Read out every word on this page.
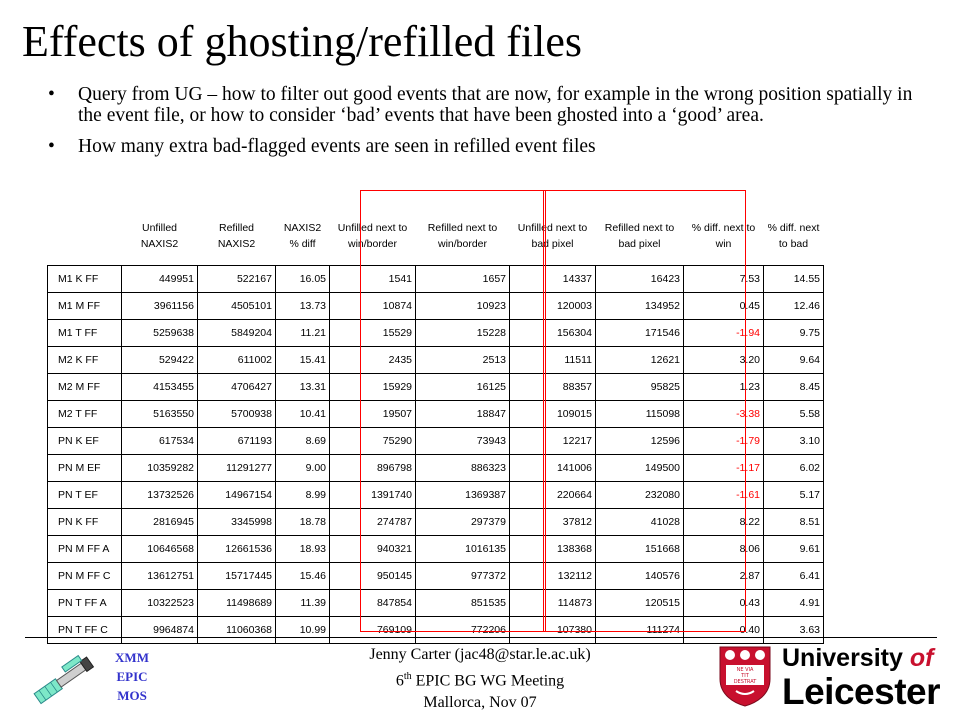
Effects of ghosting/refilled files
• Query from UG – how to filter out good events that are now, for example in the wrong position spatially in the event file, or how to consider ‘bad’ events that have been ghosted into a ‘good’ area.
• How many extra bad-flagged events are seen in refilled event files
	Unfilled NAXIS2	Refilled NAXIS2	NAXIS2 % diff	Unfilled next to win/border	Refilled next to win/border	Unfilled next to bad pixel	Refilled next to bad pixel	% diff. next to win	% diff. next to bad
M1 K FF	449951	522167	16.05	1541	1657	14337	16423	7.53	14.55
M1 M FF	3961156	4505101	13.73	10874	10923	120003	134952	0.45	12.46
M1 T FF	5259638	5849204	11.21	15529	15228	156304	171546	-1.94	9.75
M2 K FF	529422	611002	15.41	2435	2513	11511	12621	3.20	9.64
M2 M FF	4153455	4706427	13.31	15929	16125	88357	95825	1.23	8.45
M2 T FF	5163550	5700938	10.41	19507	18847	109015	115098	-3.38	5.58
PN K EF	617534	671193	8.69	75290	73943	12217	12596	-1.79	3.10
PN M EF	10359282	11291277	9.00	896798	886323	141006	149500	-1.17	6.02
PN T EF	13732526	14967154	8.99	1391740	1369387	220664	232080	-1.61	5.17
PN K FF	2816945	3345998	18.78	274787	297379	37812	41028	8.22	8.51
PN M FF A	10646568	12661536	18.93	940321	1016135	138368	151668	8.06	9.61
PN M FF C	13612751	15717445	15.46	950145	977372	132112	140576	2.87	6.41
PN T FF A	10322523	11498689	11.39	847854	851535	114873	120515	0.43	4.91
PN T FF C	9964874	11060368	10.99	769109	772206	107380	111274	0.40	3.63
XMM
EPIC
MOS
Jenny Carter (jac48@star.le.ac.uk)
6th EPIC BG WG Meeting
Mallorca, Nov 07
NE VIA
TIT
DESTRAT
University of
Leicester
